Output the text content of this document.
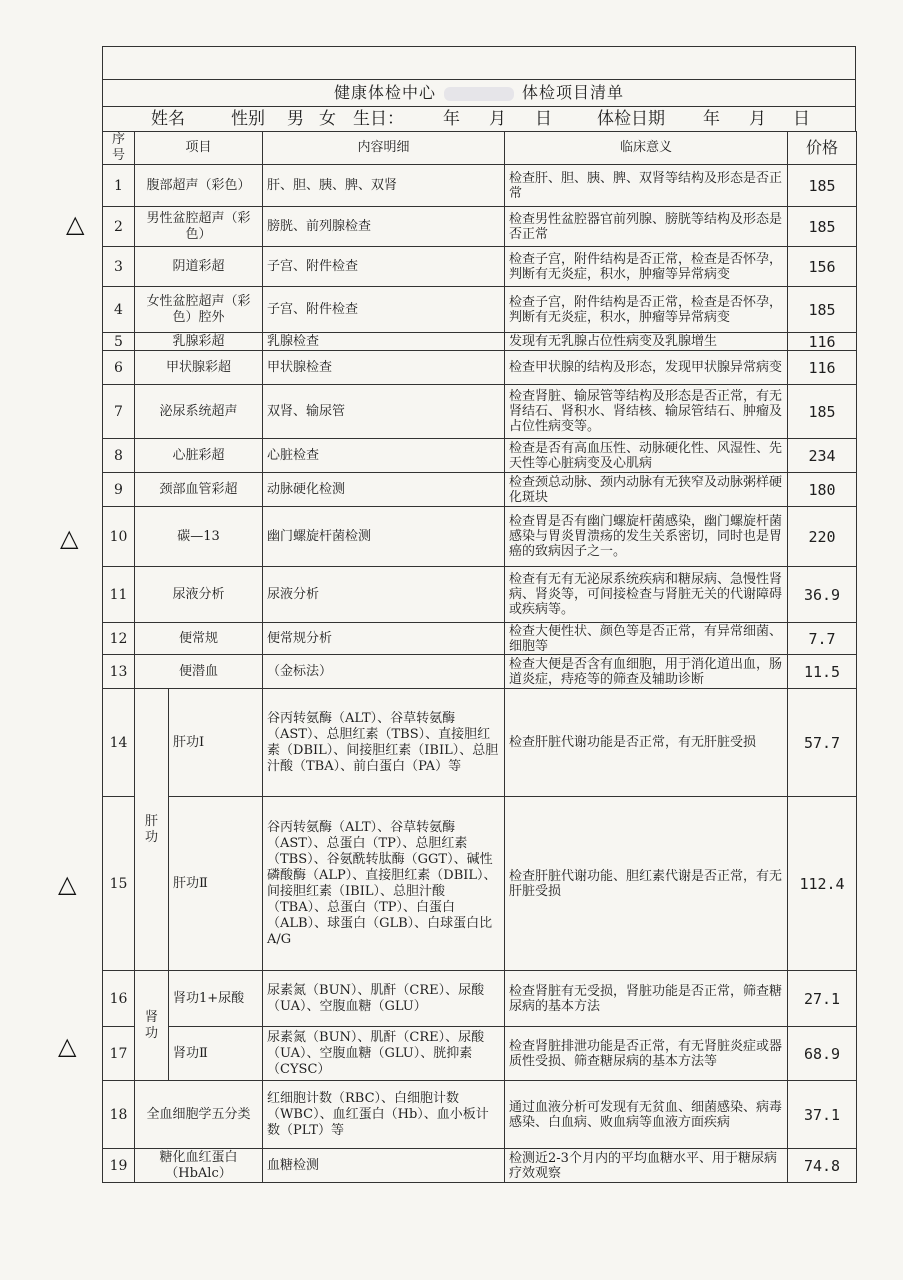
△
△
△
△
健康体检中心	体检项目清单
姓名	性别 男 女 生日： 年 月 日	体检日期 年 月 日
序号	项目		内容明细	临床意义	价格
1	腹部超声（彩色）		肝、胆、胰、脾、双肾	检查肝、胆、胰、脾、双肾等结构及形态是否正常	185
2	男性盆腔超声（彩色）		膀胱、前列腺检查	检查男性盆腔器官前列腺、膀胱等结构及形态是否正常	185
3	阴道彩超		子宫、附件检查	检查子宫，附件结构是否正常，检查是否怀孕，判断有无炎症，积水，肿瘤等异常病变	156
4	女性盆腔超声（彩色）腔外		子宫、附件检查	检查子宫，附件结构是否正常，检查是否怀孕，判断有无炎症，积水，肿瘤等异常病变	185
5	乳腺彩超		乳腺检查	发现有无乳腺占位性病变及乳腺增生	116
6	甲状腺彩超		甲状腺检查	检查甲状腺的结构及形态，发现甲状腺异常病变	116
7	泌尿系统超声		双肾、输尿管	检查肾脏、输尿管等结构及形态是否正常，有无肾结石、肾积水、肾结核、输尿管结石、肿瘤及占位性病变等。	185
8	心脏彩超		心脏检查	检查是否有高血压性、动脉硬化性、风湿性、先天性等心脏病变及心肌病	234
9	颈部血管彩超		动脉硬化检测	检查颈总动脉、颈内动脉有无狭窄及动脉粥样硬化斑块	180
10	碳—13		幽门螺旋杆菌检测	检查胃是否有幽门螺旋杆菌感染，幽门螺旋杆菌感染与胃炎胃溃疡的发生关系密切，同时也是胃癌的致病因子之一。	220
11	尿液分析		尿液分析	检查有无有无泌尿系统疾病和糖尿病、急慢性肾病、肾炎等，可间接检查与肾脏无关的代谢障碍或疾病等。	36.9
12	便常规		便常规分析	检查大便性状、颜色等是否正常，有异常细菌、细胞等	7.7
13	便潜血		（金标法）	检查大便是否含有血细胞，用于消化道出血，肠道炎症，痔疮等的筛查及辅助诊断	11.5
14	肝功	肝功Ⅰ	谷丙转氨酶（ALT）、谷草转氨酶（AST）、总胆红素（TBS）、直接胆红素（DBIL）、间接胆红素（IBIL）、总胆汁酸（TBA）、前白蛋白（PA）等	检查肝脏代谢功能是否正常，有无肝脏受损	57.7
15		肝功Ⅱ	谷丙转氨酶（ALT）、谷草转氨酶（AST）、总蛋白（TP）、总胆红素（TBS）、谷氨酰转肽酶（GGT）、碱性磷酸酶（ALP）、直接胆红素（DBIL）、间接胆红素（IBIL）、总胆汁酸（TBA）、总蛋白（TP）、白蛋白（ALB）、球蛋白（GLB）、白球蛋白比A/G	检查肝脏代谢功能、胆红素代谢是否正常，有无肝脏受损	112.4
16	肾功	肾功1+尿酸	尿素氮（BUN）、肌酐（CRE）、尿酸（UA）、空腹血糖（GLU）	检查肾脏有无受损，肾脏功能是否正常，筛查糖尿病的基本方法	27.1
17		肾功Ⅱ	尿素氮（BUN）、肌酐（CRE）、尿酸（UA）、空腹血糖（GLU）、胱抑素（CYSC）	检查肾脏排泄功能是否正常，有无肾脏炎症或器质性受损、筛查糖尿病的基本方法等	68.9
18	全血细胞学五分类		红细胞计数（RBC）、白细胞计数（WBC）、血红蛋白（Hb）、血小板计数（PLT）等	通过血液分析可发现有无贫血、细菌感染、病毒感染、白血病、败血病等血液方面疾病	37.1
19	糖化血红蛋白（HbAlc）		血糖检测	检测近2-3个月内的平均血糖水平、用于糖尿病疗效观察	74.8
